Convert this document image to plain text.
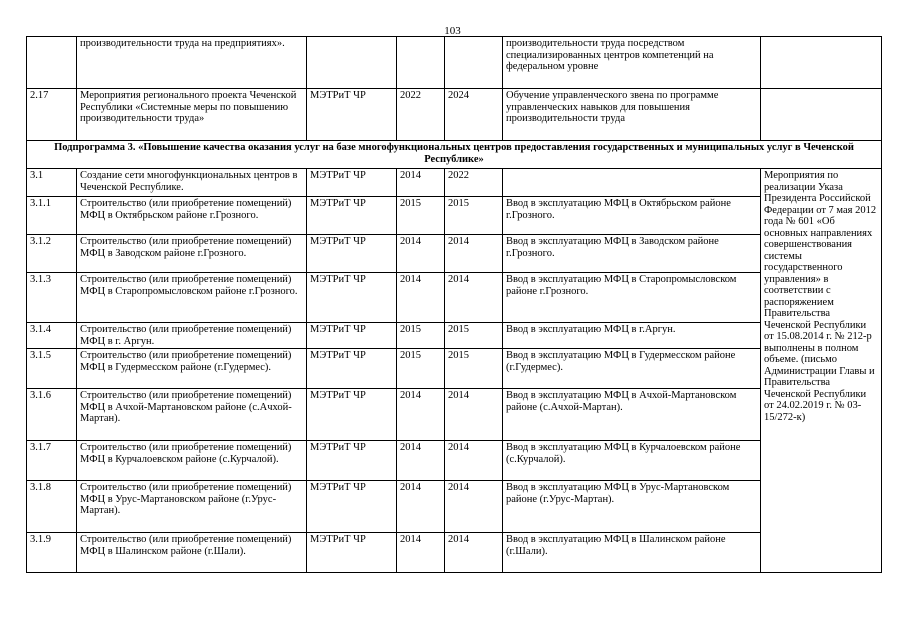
103
	производительности труда на предприятиях».				производительности труда посредством специализированных центров компетенций на федеральном уровне	
2.17	Мероприятия регионального проекта Чеченской Республики «Системные меры по повышению производительности труда»	МЭТРиТ ЧР	2022	2024	Обучение управленческого звена по программе управленческих навыков для повышения производительности труда	
Подпрограмма 3. «Повышение качества оказания услуг на базе многофункциональных центров предоставления государственных и муниципальных услуг в Чеченской Республике»						
3.1	Создание сети многофункциональных центров в Чеченской Республике.	МЭТРиТ ЧР	2014	2022		Мероприятия по реализации Указа Президента Российской Федерации от 7 мая 2012 года № 601 «Об основных направлениях совершенствования системы государственного управления» в соответствии с распоряжением Правительства Чеченской Республики от 15.08.2014 г. № 212-р выполнены в полном объеме. (письмо Администрации Главы и Правительства Чеченской Республики от 24.02.2019 г. № 03-15/272-к)
3.1.1	Строительство (или приобретение помещений) МФЦ в Октябрьском районе г.Грозного.	МЭТРиТ ЧР	2015	2015	Ввод в эксплуатацию МФЦ в Октябрьском районе г.Грозного.	
3.1.2	Строительство (или приобретение помещений) МФЦ в Заводском районе г.Грозного.	МЭТРиТ ЧР	2014	2014	Ввод в эксплуатацию МФЦ в Заводском районе г.Грозного.	
3.1.3	Строительство (или приобретение помещений) МФЦ в Старопромысловском районе г.Грозного.	МЭТРиТ ЧР	2014	2014	Ввод в эксплуатацию МФЦ в Старопромысловском районе г.Грозного.	
3.1.4	Строительство (или приобретение помещений) МФЦ в г. Аргун.	МЭТРиТ ЧР	2015	2015	Ввод в эксплуатацию МФЦ в г.Аргун.	
3.1.5	Строительство (или приобретение помещений) МФЦ в Гудермесском районе (г.Гудермес).	МЭТРиТ ЧР	2015	2015	Ввод в эксплуатацию МФЦ в Гудермесском районе (г.Гудермес).	
3.1.6	Строительство (или приобретение помещений) МФЦ в Ачхой-Мартановском районе (с.Ачхой-Мартан).	МЭТРиТ ЧР	2014	2014	Ввод в эксплуатацию МФЦ в Ачхой-Мартановском районе (с.Ачхой-Мартан).	
3.1.7	Строительство (или приобретение помещений) МФЦ в Курчалоевском районе (с.Курчалой).	МЭТРиТ ЧР	2014	2014	Ввод в эксплуатацию МФЦ в Курчалоевском районе (с.Курчалой).	
3.1.8	Строительство (или приобретение помещений) МФЦ в Урус-Мартановском районе (г.Урус-Мартан).	МЭТРиТ ЧР	2014	2014	Ввод в эксплуатацию МФЦ в Урус-Мартановском районе (г.Урус-Мартан).	
3.1.9	Строительство (или приобретение помещений) МФЦ в Шалинском районе (г.Шали).	МЭТРиТ ЧР	2014	2014	Ввод в эксплуатацию МФЦ в Шалинском районе (г.Шали).	
